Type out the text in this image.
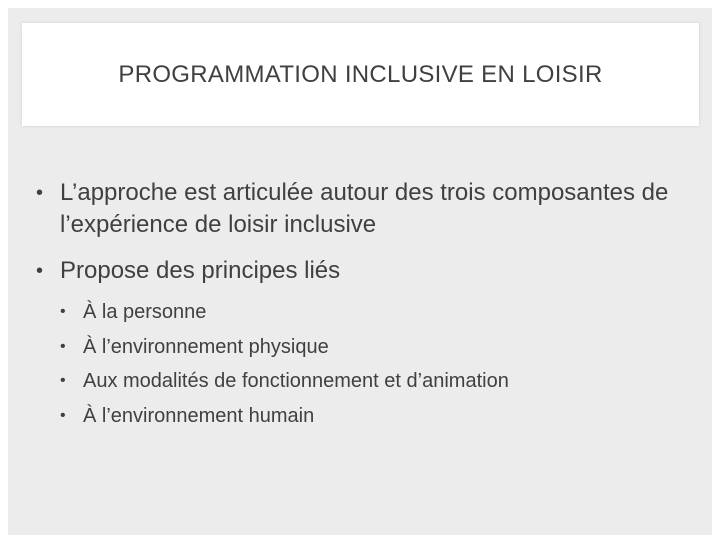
PROGRAMMATION INCLUSIVE EN LOISIR
• L’approche est articulée autour des trois composantes de l’expérience de loisir inclusive
• Propose des principes liés
• À la personne
• À l’environnement physique
• Aux modalités de fonctionnement et d’animation
• À l’environnement humain
